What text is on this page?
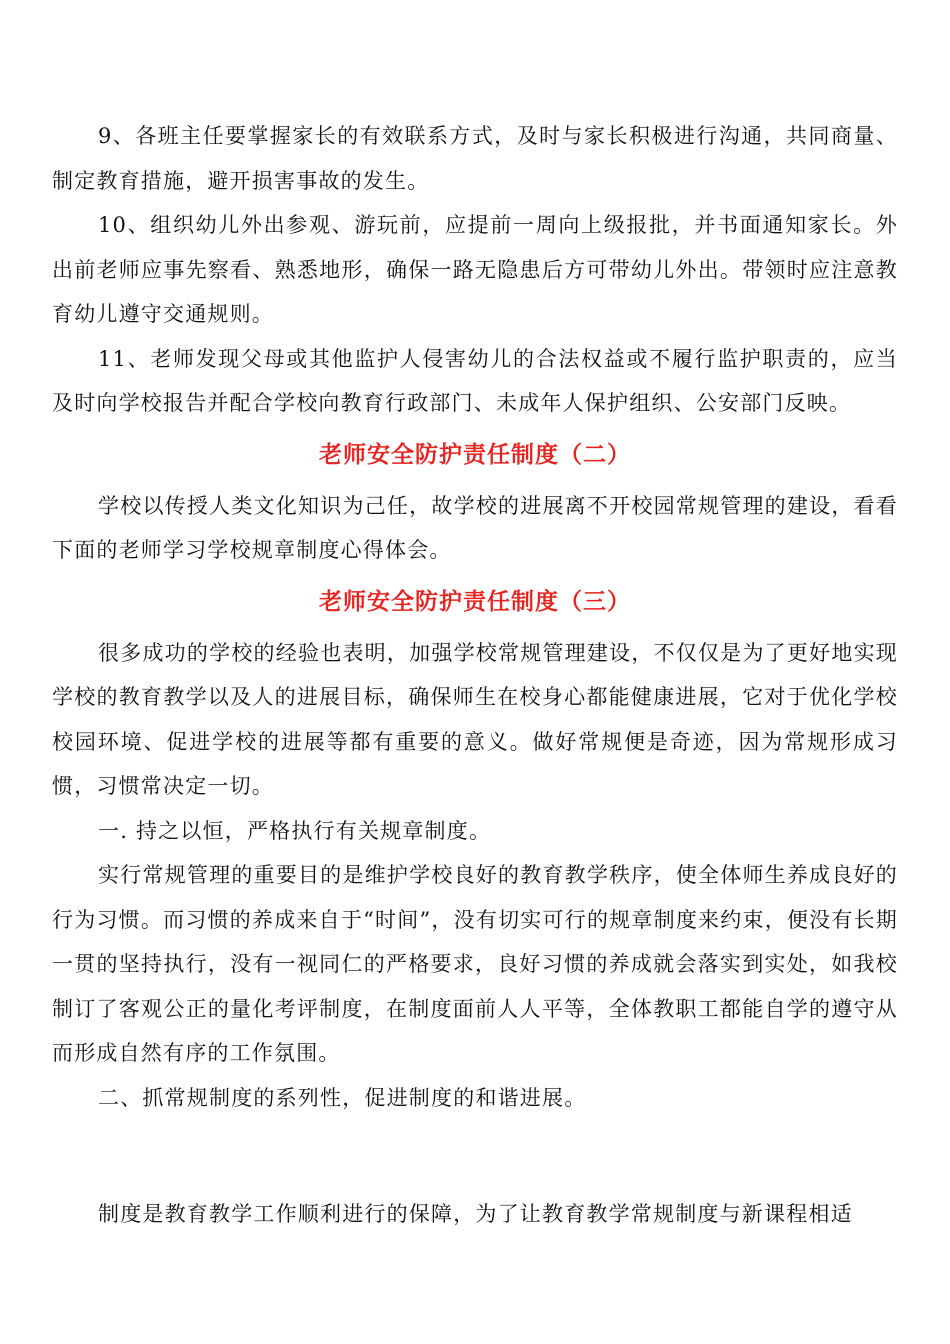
9、各班主任要掌握家长的有效联系方式，及时与家长积极进行沟通，共同商量、制定教育措施，避开损害事故的发生。

10、组织幼儿外出参观、游玩前，应提前一周向上级报批，并书面通知家长。外出前老师应事先察看、熟悉地形，确保一路无隐患后方可带幼儿外出。带领时应注意教育幼儿遵守交通规则。

11、老师发现父母或其他监护人侵害幼儿的合法权益或不履行监护职责的，应当及时向学校报告并配合学校向教育行政部门、未成年人保护组织、公安部门反映。

老师安全防护责任制度（二）

学校以传授人类文化知识为己任，故学校的进展离不开校园常规管理的建设，看看下面的老师学习学校规章制度心得体会。

老师安全防护责任制度（三）

很多成功的学校的经验也表明，加强学校常规管理建设，不仅仅是为了更好地实现学校的教育教学以及人的进展目标，确保师生在校身心都能健康进展，它对于优化学校校园环境、促进学校的进展等都有重要的意义。做好常规便是奇迹，因为常规形成习惯，习惯常决定一切。

一. 持之以恒，严格执行有关规章制度。

实行常规管理的重要目的是维护学校良好的教育教学秩序，使全体师生养成良好的行为习惯。而习惯的养成来自于“时间”，没有切实可行的规章制度来约束，便没有长期一贯的坚持执行，没有一视同仁的严格要求，良好习惯的养成就会落实到实处，如我校制订了客观公正的量化考评制度，在制度面前人人平等，全体教职工都能自学的遵守从而形成自然有序的工作氛围。

二、抓常规制度的系列性，促进制度的和谐进展。

制度是教育教学工作顺利进行的保障，为了让教育教学常规制度与新课程相适
